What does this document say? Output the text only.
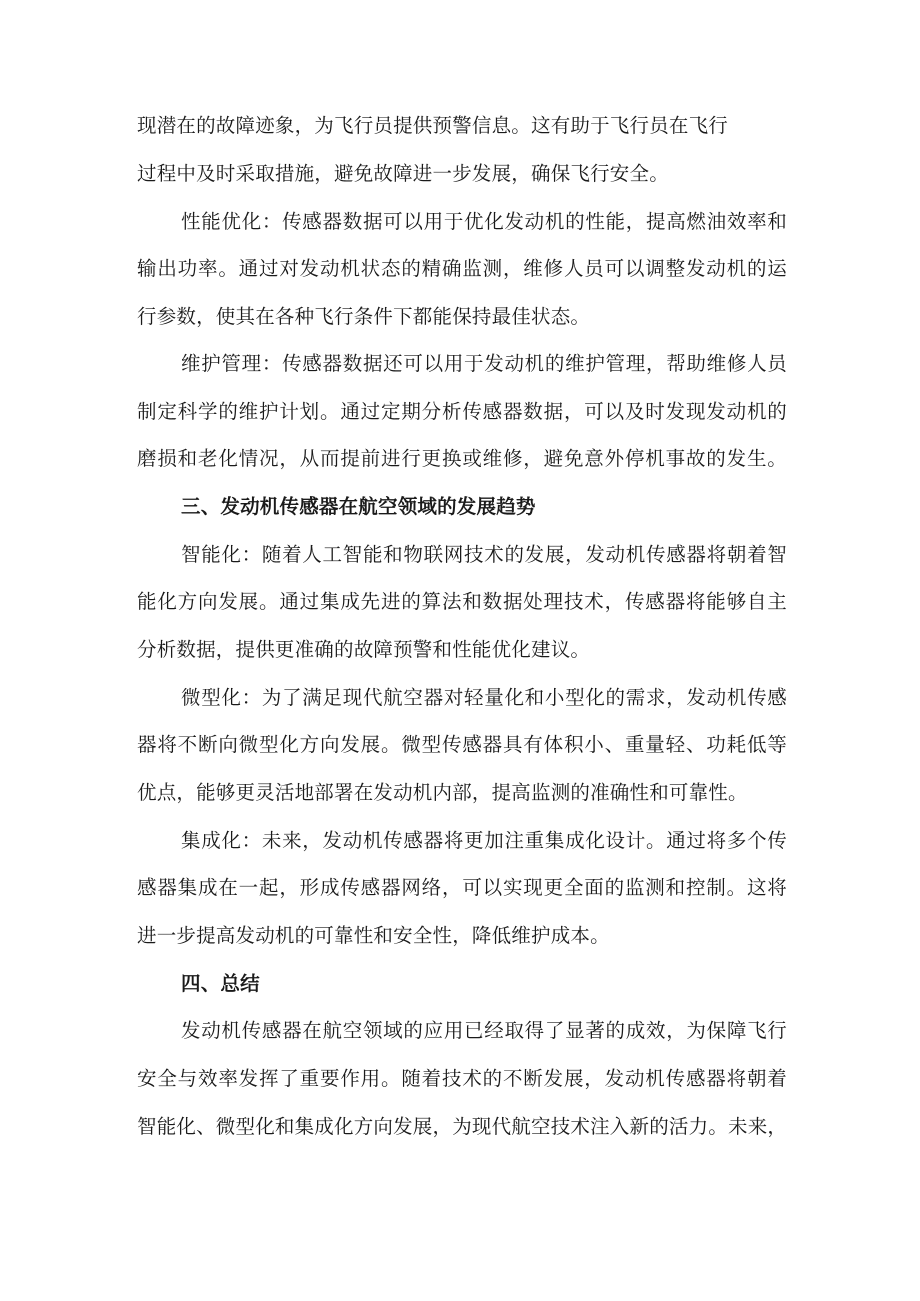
现潜在的故障迹象，为飞行员提供预警信息。这有助于飞行员在飞行
过程中及时采取措施，避免故障进一步发展，确保飞行安全。
性能优化：传感器数据可以用于优化发动机的性能，提高燃油效率和
输出功率。通过对发动机状态的精确监测，维修人员可以调整发动机的运
行参数，使其在各种飞行条件下都能保持最佳状态。
维护管理：传感器数据还可以用于发动机的维护管理，帮助维修人员
制定科学的维护计划。通过定期分析传感器数据，可以及时发现发动机的
磨损和老化情况，从而提前进行更换或维修，避免意外停机事故的发生。
三、发动机传感器在航空领域的发展趋势
智能化：随着人工智能和物联网技术的发展，发动机传感器将朝着智
能化方向发展。通过集成先进的算法和数据处理技术，传感器将能够自主
分析数据，提供更准确的故障预警和性能优化建议。
微型化：为了满足现代航空器对轻量化和小型化的需求，发动机传感
器将不断向微型化方向发展。微型传感器具有体积小、重量轻、功耗低等
优点，能够更灵活地部署在发动机内部，提高监测的准确性和可靠性。
集成化：未来，发动机传感器将更加注重集成化设计。通过将多个传
感器集成在一起，形成传感器网络，可以实现更全面的监测和控制。这将
进一步提高发动机的可靠性和安全性，降低维护成本。
四、总结
发动机传感器在航空领域的应用已经取得了显著的成效，为保障飞行
安全与效率发挥了重要作用。随着技术的不断发展，发动机传感器将朝着
智能化、微型化和集成化方向发展，为现代航空技术注入新的活力。未来，
